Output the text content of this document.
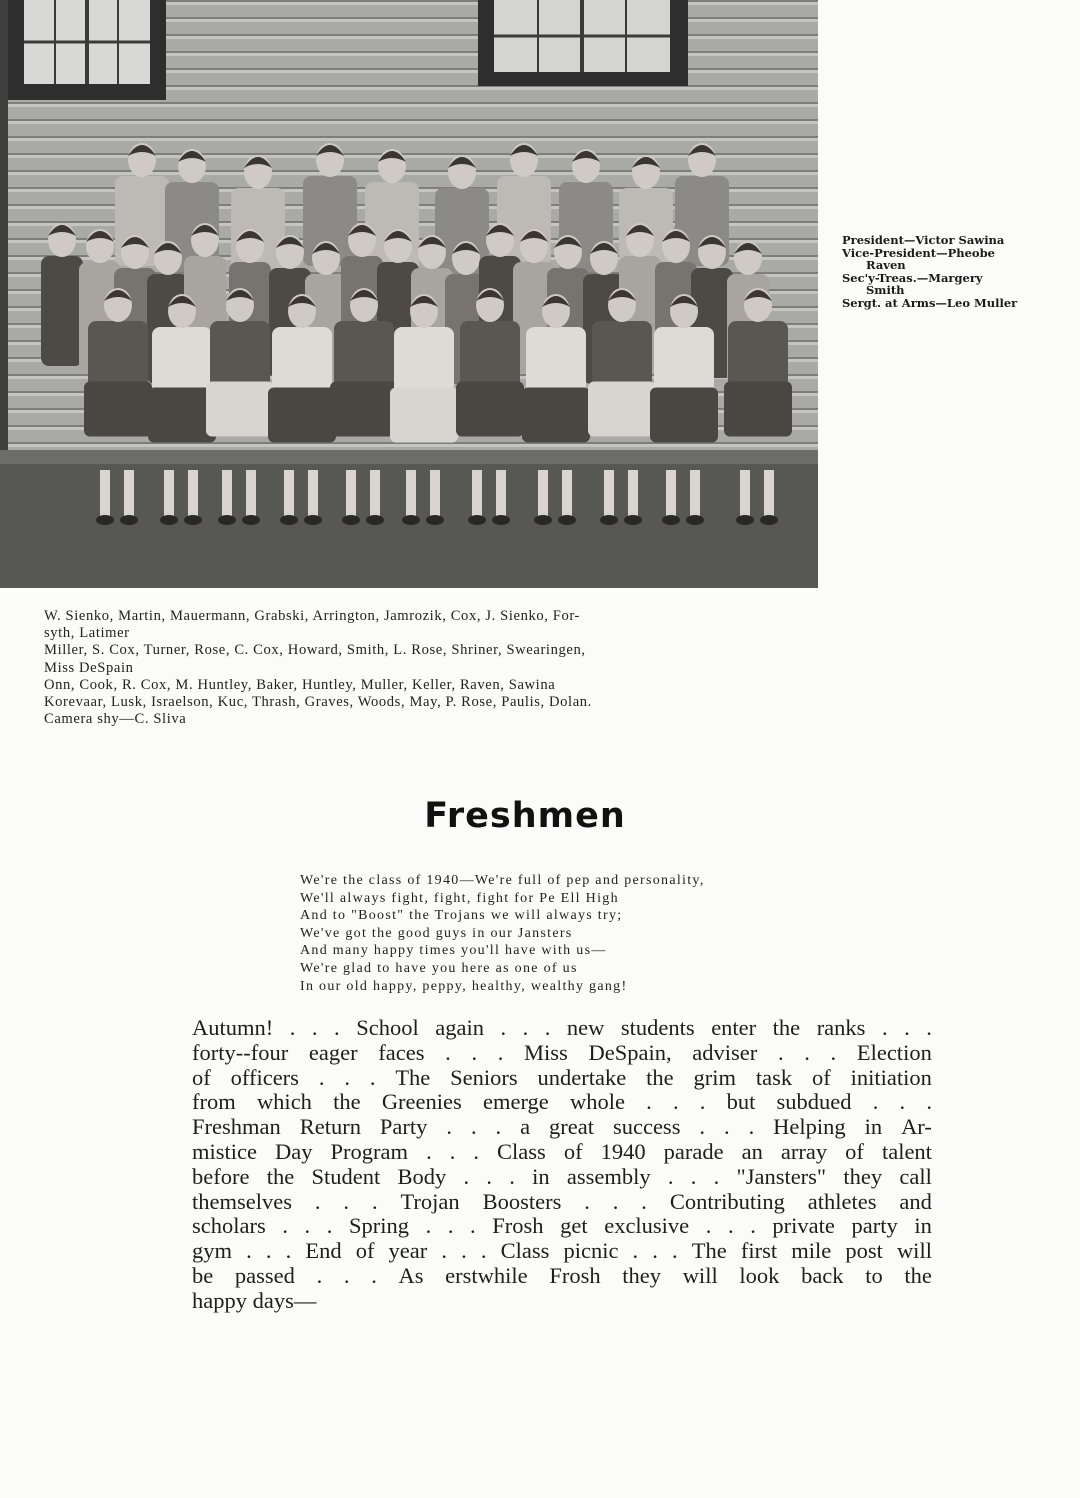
President—Victor Sawina
Vice-President—Pheobe
Raven
Sec'y-Treas.—Margery
Smith
Sergt. at Arms—Leo Muller
W. Sienko, Martin, Mauermann, Grabski, Arrington, Jamrozik, Cox, J. Sienko, For-
syth, Latimer
Miller, S. Cox, Turner, Rose, C. Cox, Howard, Smith, L. Rose, Shriner, Swearingen,
Miss DeSpain
Onn, Cook, R. Cox, M. Huntley, Baker, Huntley, Muller, Keller, Raven, Sawina
Korevaar, Lusk, Israelson, Kuc, Thrash, Graves, Woods, May, P. Rose, Paulis, Dolan.
Camera shy—C. Sliva
Freshmen
We're the class of 1940—We're full of pep and personality,
We'll always fight, fight, fight for Pe Ell High
And to "Boost" the Trojans we will always try;
We've got the good guys in our Jansters
And many happy times you'll have with us—
We're glad to have you here as one of us
In our old happy, peppy, healthy, wealthy gang!
Autumn! . . . School again . . . new students enter the ranks . . .
forty--four eager faces . . . Miss DeSpain, adviser . . . Election
of officers . . . The Seniors undertake the grim task of initiation
from which the Greenies emerge whole . . . but subdued . . .
Freshman Return Party . . . a great success . . . Helping in Ar-
mistice Day Program . . . Class of 1940 parade an array of talent
before the Student Body . . . in assembly . . . "Jansters" they call
themselves . . . Trojan Boosters . . . Contributing athletes and
scholars . . . Spring . . . Frosh get exclusive . . . private party in
gym . . . End of year . . . Class picnic . . . The first mile post will
be passed . . . As erstwhile Frosh they will look back to the
happy days—
